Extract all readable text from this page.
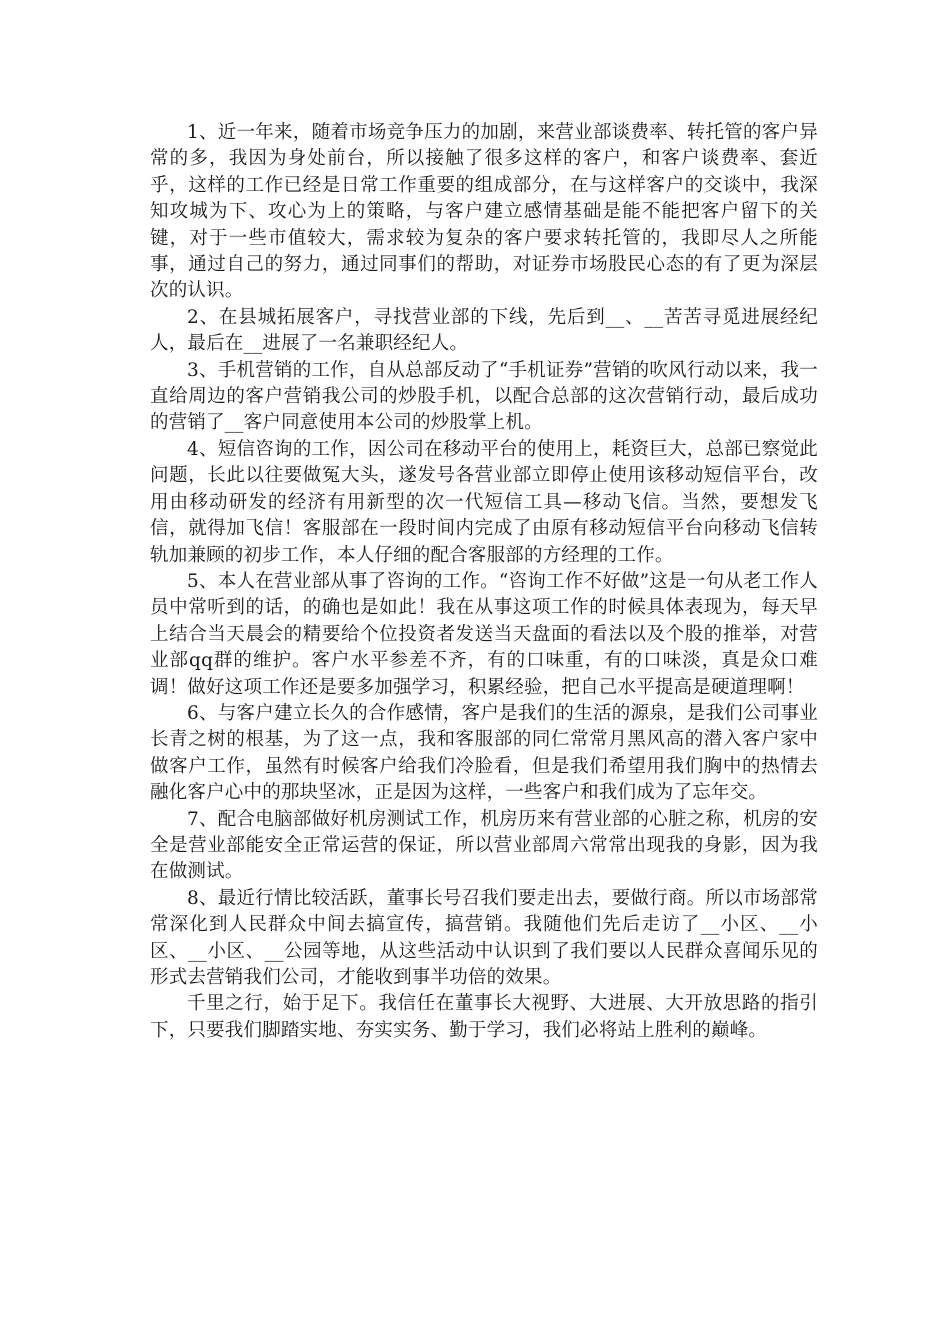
1、近一年来，随着市场竞争压力的加剧，来营业部谈费率、转托管的客户异常的多，我因为身处前台，所以接触了很多这样的客户，和客户谈费率、套近乎，这样的工作已经是日常工作重要的组成部分，在与这样客户的交谈中，我深知攻城为下、攻心为上的策略，与客户建立感情基础是能不能把客户留下的关键，对于一些市值较大，需求较为复杂的客户要求转托管的，我即尽人之所能事，通过自己的努力，通过同事们的帮助，对证券市场股民心态的有了更为深层次的认识。

2、在县城拓展客户，寻找营业部的下线，先后到__、__苦苦寻觅进展经纪人，最后在__进展了一名兼职经纪人。

3、手机营销的工作，自从总部反动了“手机证券”营销的吹风行动以来，我一直给周边的客户营销我公司的炒股手机，以配合总部的这次营销行动，最后成功的营销了__客户同意使用本公司的炒股掌上机。

4、短信咨询的工作，因公司在移动平台的使用上，耗资巨大，总部已察觉此问题，长此以往要做冤大头，遂发号各营业部立即停止使用该移动短信平台，改用由移动研发的经济有用新型的次一代短信工具—移动飞信。当然，要想发飞信，就得加飞信！客服部在一段时间内完成了由原有移动短信平台向移动飞信转轨加兼顾的初步工作，本人仔细的配合客服部的方经理的工作。

5、本人在营业部从事了咨询的工作。“咨询工作不好做”这是一句从老工作人员中常听到的话，的确也是如此！我在从事这项工作的时候具体表现为，每天早上结合当天晨会的精要给个位投资者发送当天盘面的看法以及个股的推举，对营业部qq群的维护。客户水平参差不齐，有的口味重，有的口味淡，真是众口难调！做好这项工作还是要多加强学习，积累经验，把自己水平提高是硬道理啊！

6、与客户建立长久的合作感情，客户是我们的生活的源泉，是我们公司事业长青之树的根基，为了这一点，我和客服部的同仁常常月黑风高的潜入客户家中做客户工作，虽然有时候客户给我们冷脸看，但是我们希望用我们胸中的热情去融化客户心中的那块坚冰，正是因为这样，一些客户和我们成为了忘年交。

7、配合电脑部做好机房测试工作，机房历来有营业部的心脏之称，机房的安全是营业部能安全正常运营的保证，所以营业部周六常常出现我的身影，因为我在做测试。

8、最近行情比较活跃，董事长号召我们要走出去，要做行商。所以市场部常常深化到人民群众中间去搞宣传，搞营销。我随他们先后走访了__小区、__小区、__小区、__公园等地，从这些活动中认识到了我们要以人民群众喜闻乐见的形式去营销我们公司，才能收到事半功倍的效果。

千里之行，始于足下。我信任在董事长大视野、大进展、大开放思路的指引下，只要我们脚踏实地、夯实实务、勤于学习，我们必将站上胜利的巅峰。
